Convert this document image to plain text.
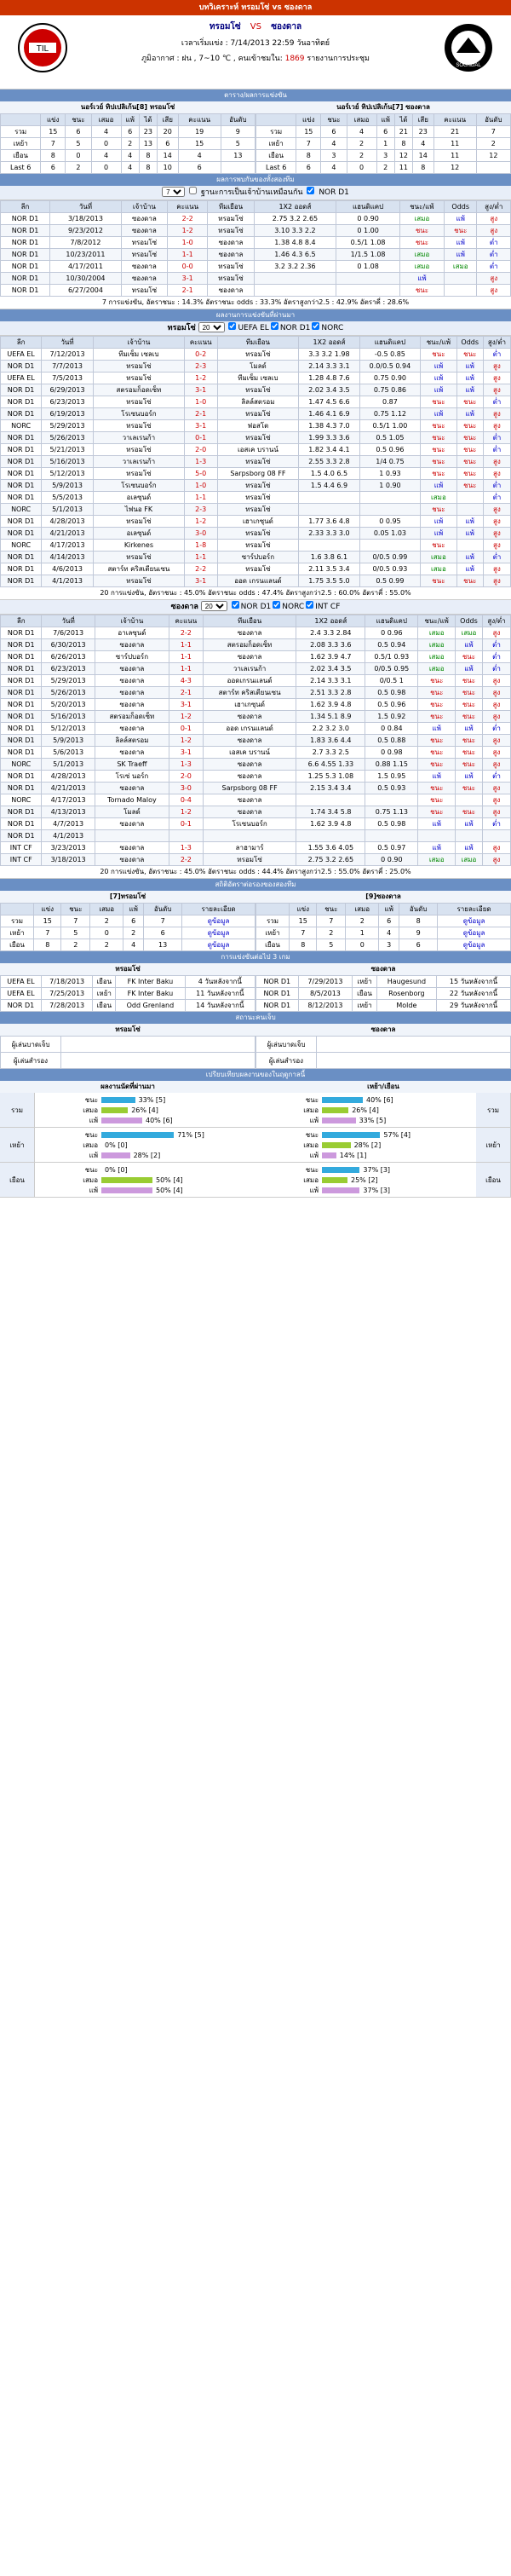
บทวิเคราะห์ ทรอมโซ่ vs ซองดาล
TIL
SOGNDAL
ทรอมโซ่ VS ซองดาล
เวลาเริ่มแข่ง : 7/14/2013 22:59 วันอาทิตย์
ภูมิอากาศ : ฝน , 7~10 ℃ , คนเข้าชมใน: 1869 รายงานการประชุม
ตาราง/ผลการแข่งขัน
นอร์เวย์ ทิปเปลิเก้น[8] ทรอมโซ่
	แข่ง	ชนะ	เสมอ	แพ้	ได้	เสีย	คะแนน	อันดับ
รวม	15	6	4	6	23	20	19	9
เหย้า	7	5	0	2	13	6	15	5
เยือน	8	0	4	4	8	14	4	13
Last 6	6	2	0	4	8	10	6	
นอร์เวย์ ทิปเปลิเก้น[7] ซองดาล
	แข่ง	ชนะ	เสมอ	แพ้	ได้	เสีย	คะแนน	อันดับ
รวม	15	6	4	6	21	23	21	7
เหย้า	7	4	2	1	8	4	11	2
เยือน	8	3	2	3	12	14	11	12
Last 6	6	4	0	2	11	8	12	
ผลการพบกันของทั้งสองทีม
7  ฐานะการเป็นเจ้าบ้านเหมือนกัน NOR D1
ลีก	วันที่	เจ้าบ้าน	คะแนน	ทีมเยือน	1X2 ออดส์	แฮนดิแคป	ชนะ/แพ้	Odds	สูง/ต่ำ
NOR D1	3/18/2013	ซองดาล	2-2	ทรอมโซ่	2.75 3.2 2.65	0 0.90	เสมอ	แพ้	สูง
NOR D1	9/23/2012	ซองดาล	1-2	ทรอมโซ่	3.10 3.3 2.2	0 1.00	ชนะ	ชนะ	สูง
NOR D1	7/8/2012	ทรอมโซ่	1-0	ซองดาล	1.38 4.8 8.4	0.5/1 1.08	ชนะ	แพ้	ต่ำ
NOR D1	10/23/2011	ทรอมโซ่	1-1	ซองดาล	1.46 4.3 6.5	1/1.5 1.08	เสมอ	แพ้	ต่ำ
NOR D1	4/17/2011	ซองดาล	0-0	ทรอมโซ่	3.2 3.2 2.36	0 1.08	เสมอ	เสมอ	ต่ำ
NOR D1	10/30/2004	ซองดาล	3-1	ทรอมโซ่			แพ้		สูง
NOR D1	6/27/2004	ทรอมโซ่	2-1	ซองดาล			ชนะ		สูง
7 การแข่งขัน, อัตราชนะ : 14.3% อัตราชนะ odds : 33.3% อัตราสูงกว่า2.5 : 42.9% อัตราคี่ : 28.6%
ผลงานการแข่งขันที่ผ่านมา
ทรอมโซ่
20	UEFA EL NOR D1 NORC
ลีก	วันที่	เจ้าบ้าน	คะแนน	ทีมเยือน	1X2 ออดส์	แฮนดิแคป	ชนะ/แพ้	Odds	สูง/ต่ำ
UEFA EL	7/12/2013	ทีมเซ็ม เซลเบ	0-2	ทรอมโซ่	3.3 3.2 1.98	-0.5 0.85	ชนะ	ชนะ	ต่ำ
NOR D1	7/7/2013	ทรอมโซ่	2-3	โมลด์	2.14 3.3 3.1	0.0/0.5 0.94	แพ้	แพ้	สูง
UEFA EL	7/5/2013	ทรอมโซ่	1-2	ทีมเซ็ม เซลเบ	1.28 4.8 7.6	0.75 0.90	แพ้	แพ้	สูง
NOR D1	6/29/2013	สตรอมก็อดเซ็ท	3-1	ทรอมโซ่	2.02 3.4 3.5	0.75 0.86	แพ้	แพ้	สูง
NOR D1	6/23/2013	ทรอมโซ่	1-0	ลิลล์สตรอม	1.47 4.5 6.6	0.87	ชนะ	ชนะ	ต่ำ
NOR D1	6/19/2013	โรเซนบอร์ก	2-1	ทรอมโซ่	1.46 4.1 6.9	0.75 1.12	แพ้	แพ้	สูง
NORC	5/29/2013	ทรอมโซ่	3-1	ฟอสโต	1.38 4.3 7.0	0.5/1 1.00	ชนะ	ชนะ	สูง
NOR D1	5/26/2013	วาเลเรนก้า	0-1	ทรอมโซ่	1.99 3.3 3.6	0.5 1.05	ชนะ	ชนะ	ต่ำ
NOR D1	5/21/2013	ทรอมโซ่	2-0	เอสเค บรานน์	1.82 3.4 4.1	0.5 0.96	ชนะ	ชนะ	ต่ำ
NOR D1	5/16/2013	วาเลเรนก้า	1-3	ทรอมโซ่	2.55 3.3 2.8	1/4 0.75	ชนะ	ชนะ	สูง
NOR D1	5/12/2013	ทรอมโซ่	5-0	Sarpsborg 08 FF	1.5 4.0 6.5	1 0.93	ชนะ	ชนะ	สูง
NOR D1	5/9/2013	โรเซนบอร์ก	1-0	ทรอมโซ่	1.5 4.4 6.9	1 0.90	แพ้	ชนะ	ต่ำ
NOR D1	5/5/2013	อเลซุนด์	1-1	ทรอมโซ่			เสมอ		ต่ำ
NORC	5/1/2013	ไฟนอ FK	2-3	ทรอมโซ่			ชนะ		สูง
NOR D1	4/28/2013	ทรอมโซ่	1-2	เฮาเกซุนด์	1.77 3.6 4.8	0 0.95	แพ้	แพ้	สูง
NOR D1	4/21/2013	อเลซุนด์	3-0	ทรอมโซ่	2.33 3.3 3.0	0.05 1.03	แพ้	แพ้	สูง
NORC	4/17/2013	Kirkenes	1-8	ทรอมโซ่			ชนะ		สูง
NOR D1	4/14/2013	ทรอมโซ่	1-1	ซาร์ปบอร์ก	1.6 3.8 6.1	0/0.5 0.99	เสมอ	แพ้	ต่ำ
NOR D1	4/6/2013	สตาร์ท คริสเตียนเซน	2-2	ทรอมโซ่	2.11 3.5 3.4	0/0.5 0.93	เสมอ	แพ้	สูง
NOR D1	4/1/2013	ทรอมโซ่	3-1	ออด เกรนแลนด์	1.75 3.5 5.0	0.5 0.99	ชนะ	ชนะ	สูง
20 การแข่งขัน, อัตราชนะ : 45.0% อัตราชนะ odds : 47.4% อัตราสูงกว่า2.5 : 60.0% อัตราคี่ : 55.0%
ซองดาล
20	NOR D1 NORC INT CF
ลีก	วันที่	เจ้าบ้าน	คะแนน	ทีมเยือน	1X2 ออดส์	แฮนดิแคป	ชนะ/แพ้	Odds	สูง/ต่ำ
NOR D1	7/6/2013	อาเลซุนด์	2-2	ซองดาล	2.4 3.3 2.84	0 0.96	เสมอ	เสมอ	สูง
NOR D1	6/30/2013	ซองดาล	1-1	สตรอมก็อดเซ็ท	2.08 3.3 3.6	0.5 0.94	เสมอ	แพ้	ต่ำ
NOR D1	6/26/2013	ซาร์ปบอร์ก	1-1	ซองดาล	1.62 3.9 4.7	0.5/1 0.93	เสมอ	ชนะ	ต่ำ
NOR D1	6/23/2013	ซองดาล	1-1	วาเลเรนก้า	2.02 3.4 3.5	0/0.5 0.95	เสมอ	แพ้	ต่ำ
NOR D1	5/29/2013	ซองดาล	4-3	ออดเกรนแลนด์	2.14 3.3 3.1	0/0.5 1	ชนะ	ชนะ	สูง
NOR D1	5/26/2013	ซองดาล	2-1	สตาร์ท คริสเตียนเซน	2.51 3.3 2.8	0.5 0.98	ชนะ	ชนะ	สูง
NOR D1	5/20/2013	ซองดาล	3-1	เฮาเกซุนด์	1.62 3.9 4.8	0.5 0.96	ชนะ	ชนะ	สูง
NOR D1	5/16/2013	สตรอมก็อดเซ็ท	1-2	ซองดาล	1.34 5.1 8.9	1.5 0.92	ชนะ	ชนะ	สูง
NOR D1	5/12/2013	ซองดาล	0-1	ออด เกรนแลนด์	2.2 3.2 3.0	0 0.84	แพ้	แพ้	ต่ำ
NOR D1	5/9/2013	ลิลล์สตรอม	1-2	ซองดาล	1.83 3.6 4.4	0.5 0.88	ชนะ	ชนะ	สูง
NOR D1	5/6/2013	ซองดาล	3-1	เอสเค บรานน์	2.7 3.3 2.5	0 0.98	ชนะ	ชนะ	สูง
NORC	5/1/2013	SK Traeff	1-3	ซองดาล	6.6 4.55 1.33	0.88 1.15	ชนะ	ชนะ	สูง
NOR D1	4/28/2013	โรเซ่ นอร์ก	2-0	ซองดาล	1.25 5.3 1.08	1.5 0.95	แพ้	แพ้	ต่ำ
NOR D1	4/21/2013	ซองดาล	3-0	Sarpsborg 08 FF	2.15 3.4 3.4	0.5 0.93	ชนะ	ชนะ	สูง
NORC	4/17/2013	Tornado Maloy	0-4	ซองดาล			ชนะ		สูง
NOR D1	4/13/2013	โมลด์	1-2	ซองดาล	1.74 3.4 5.8	0.75 1.13	ชนะ	ชนะ	สูง
NOR D1	4/7/2013	ซองดาล	0-1	โรเซนบอร์ก	1.62 3.9 4.8	0.5 0.98	แพ้	แพ้	ต่ำ
NOR D1	4/1/2013								
INT CF	3/23/2013	ซองดาล	1-3	ลาฮามาร์	1.55 3.6 4.05	0.5 0.97	แพ้	แพ้	สูง
INT CF	3/18/2013	ซองดาล	2-2	ทรอมโซ่	2.75 3.2 2.65	0 0.90	เสมอ	เสมอ	สูง
20 การแข่งขัน, อัตราชนะ : 45.0% อัตราชนะ odds : 44.4% อัตราสูงกว่า2.5 : 55.0% อัตราคี่ : 25.0%
สถิติอัตราต่อรองของสองทีม
[7]ทรอมโซ่
	แข่ง	ชนะ	เสมอ	แพ้	อันดับ	รายละเอียด
รวม	15	7	2	6	7	ดูข้อมูล
เหย้า	7	5	0	2	6	ดูข้อมูล
เยือน	8	2	2	4	13	ดูข้อมูล
[9]ซองดาล
	แข่ง	ชนะ	เสมอ	แพ้	อันดับ	รายละเอียด
รวม	15	7	2	6	8	ดูข้อมูล
เหย้า	7	2	1	4	9	ดูข้อมูล
เยือน	8	5	0	3	6	ดูข้อมูล
การแข่งขันต่อไป 3 เกม
ทรอมโซ่
UEFA EL	7/18/2013	เยือน	FK Inter Baku	4 วันหลังจากนี้
UEFA EL	7/25/2013	เหย้า	FK Inter Baku	11 วันหลังจากนี้
NOR D1	7/28/2013	เยือน	Odd Grenland	14 วันหลังจากนี้
ซองดาล
NOR D1	7/29/2013	เหย้า	Haugesund	15 วันหลังจากนี้
NOR D1	8/5/2013	เยือน	Rosenborg	22 วันหลังจากนี้
NOR D1	8/12/2013	เหย้า	Molde	29 วันหลังจากนี้
สถานะคนเจ็บ
ทรอมโซ่
ผู้เล่นบาดเจ็บ	
ผู้เล่นสำรอง	
ซองดาล
ผู้เล่นบาดเจ็บ	
ผู้เล่นสำรอง	
เปรียบเทียบผลงานของในฤดูกาลนี้
ผลงานนัดที่ผ่านมา	เหย้า/เยือน
รวม
ชนะ	33% [5]
เสมอ	26% [4]
แพ้	40% [6]
ชนะ	40% [6]
เสมอ	26% [4]
แพ้	33% [5]
รวม
เหย้า
ชนะ	71% [5]
เสมอ	0% [0]
แพ้	28% [2]
ชนะ	57% [4]
เสมอ	28% [2]
แพ้	14% [1]
เหย้า
เยือน
ชนะ	0% [0]
เสมอ	50% [4]
แพ้	50% [4]
ชนะ	37% [3]
เสมอ	25% [2]
แพ้	37% [3]
เยือน
